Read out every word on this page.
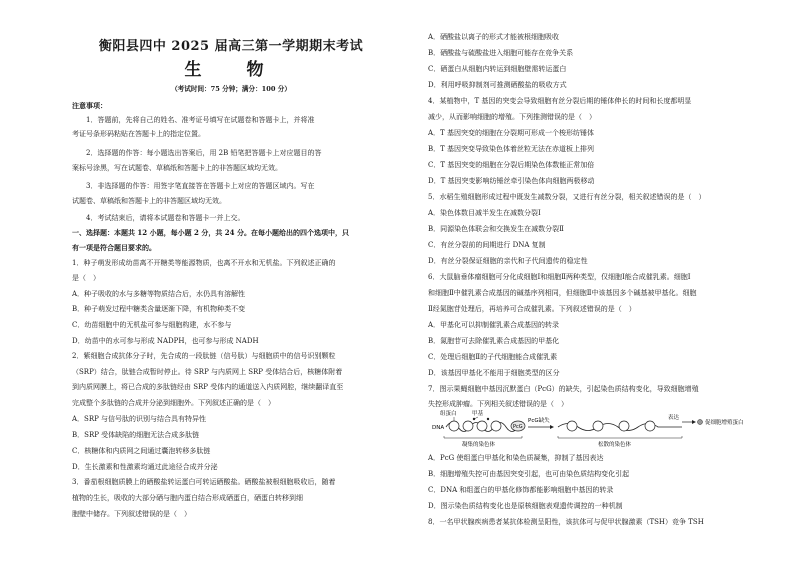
衡阳县四中 2025 届高三第一学期期末考试
生　物
（考试时间：75 分钟；满分：100 分）
注意事项：
1．答题前，先将自己的姓名、准考证号填写在试题卷和答题卡上，并将准
考证号条形码粘贴在答题卡上的指定位置。
2．选择题的作答：每小题选出答案后，用 2B 铅笔把答题卡上对应题目的答
案标号涂黑，写在试题卷、草稿纸和答题卡上的非答题区域均无效。
3．非选择题的作答：用签字笔直接答在答题卡上对应的答题区域内。写在
试题卷、草稿纸和答题卡上的非答题区域均无效。
4．考试结束后，请将本试题卷和答题卡一并上交。
一、选择题：本题共 12 小题，每小题 2 分，共 24 分。在每小题给出的四个选项中，只
有一项是符合题目要求的。
1．种子萌发形成幼苗离不开糖类等能源物质，也离不开水和无机盐。下列叙述正确的
是（　）
A．种子吸收的水与多糖等物质结合后，水仍具有溶解性
B．种子萌发过程中糖类含量逐渐下降，有机物种类不变
C．幼苗细胞中的无机盐可参与细胞构建，水不参与
D．幼苗中的水可参与形成 NADPH，也可参与形成 NADH
2．紫细胞合成抗体分子时，先合成的一段肽链（信号肽）与细胞质中的信号识别颗粒
（SRP）结合，肽链合成暂时停止。待 SRP 与内质网上 SRP 受体结合后，核糖体附着
到内质网膜上，将已合成的多肽链经由 SRP 受体内的通道送入内质网腔，继续翻译直至
完成整个多肽链的合成并分泌到细胞外。下列叙述正确的是（　）
A．SRP 与信号肽的识别与结合具有特异性
B．SRP 受体缺陷的细胞无法合成多肽链
C．核糖体和内质网之间通过囊泡转移多肽链
D．生长激素和性激素均通过此途径合成并分泌
3．番茄根细胞质膜上的硒酸盐转运蛋白可转运硒酸盐。硒酸盐被根细胞吸收后，随着
植物的生长，吸收的大部分硒与胞内蛋白结合形成硒蛋白，硒蛋白转移到细
胞壁中储存。下列叙述错误的是（　）
A．硒酸盐以离子的形式才能被根细胞吸收
B．硒酸盐与硫酸盐进入细胞可能存在竞争关系
C．硒蛋白从细胞内转运到细胞壁需转运蛋白
D．利用呼吸抑制剂可推测硒酸盐的吸收方式
4．某植物中，T 基因的突变会导致细胞有丝分裂后期的锤体伸长的时间和长度都明显
减少，从而影响细胞的增殖。下列推测错误的是（　）
A．T 基因突变的细胞在分裂期可形成一个梭形纺锤体
B．T 基因突变导致染色体着丝粒无法在赤道板上排列
C．T 基因突变的细胞在分裂后期染色体数能正常加倍
D．T 基因突变影响纺锤丝牵引染色体向细胞两极移动
5．水稻生殖细胞形成过程中既发生减数分裂，又进行有丝分裂，相关叙述错误的是（　）
A．染色体数目减半发生在减数分裂Ⅰ
B．同源染色体联会和交换发生在减数分裂Ⅱ
C．有丝分裂前的间期进行 DNA 复制
D．有丝分裂保证细胞的亲代和子代间遗传的稳定性
6．大鼠脑垂体瘤细胞可分化成细胞Ⅰ和细胞Ⅱ两种类型，仅细胞Ⅰ能合成催乳素。细胞Ⅰ
和细胞Ⅱ中催乳素合成基因的碱基序列相同，但细胞Ⅱ中该基因多个碱基被甲基化。细胞
Ⅱ经氮胞苷处理后，再培养可合成催乳素。下列叙述错误的是（　）
A．甲基化可以抑制催乳素合成基因的转录
B．氮胞苷可去除催乳素合成基因的甲基化
C．处理后细胞Ⅱ的子代细胞能合成催乳素
D．该基因甲基化不能用于细胞类型的区分
7．图示果蝇细胞中基因沉默蛋白（PcG）的缺失，引起染色质结构变化，导致细胞增殖
失控形成肿瘤。下列相关叙述错误的是（　）
组蛋白	甲基
DNA	PcG
PcG缺失	表达
促细胞增殖蛋白
凝集的染色体	松散的染色体
A．PcG 使组蛋白甲基化和染色质凝集，抑制了基因表达
B．细胞增殖失控可由基因突变引起，也可由染色质结构变化引起
C．DNA 和组蛋白的甲基化修饰都能影响细胞中基因的转录
D．图示染色质结构变化也是原核细胞表观遗传调控的一种机制
8．一名甲状腺疾病患者某抗体检测呈阳性，该抗体可与促甲状腺激素（TSH）竞争 TSH
